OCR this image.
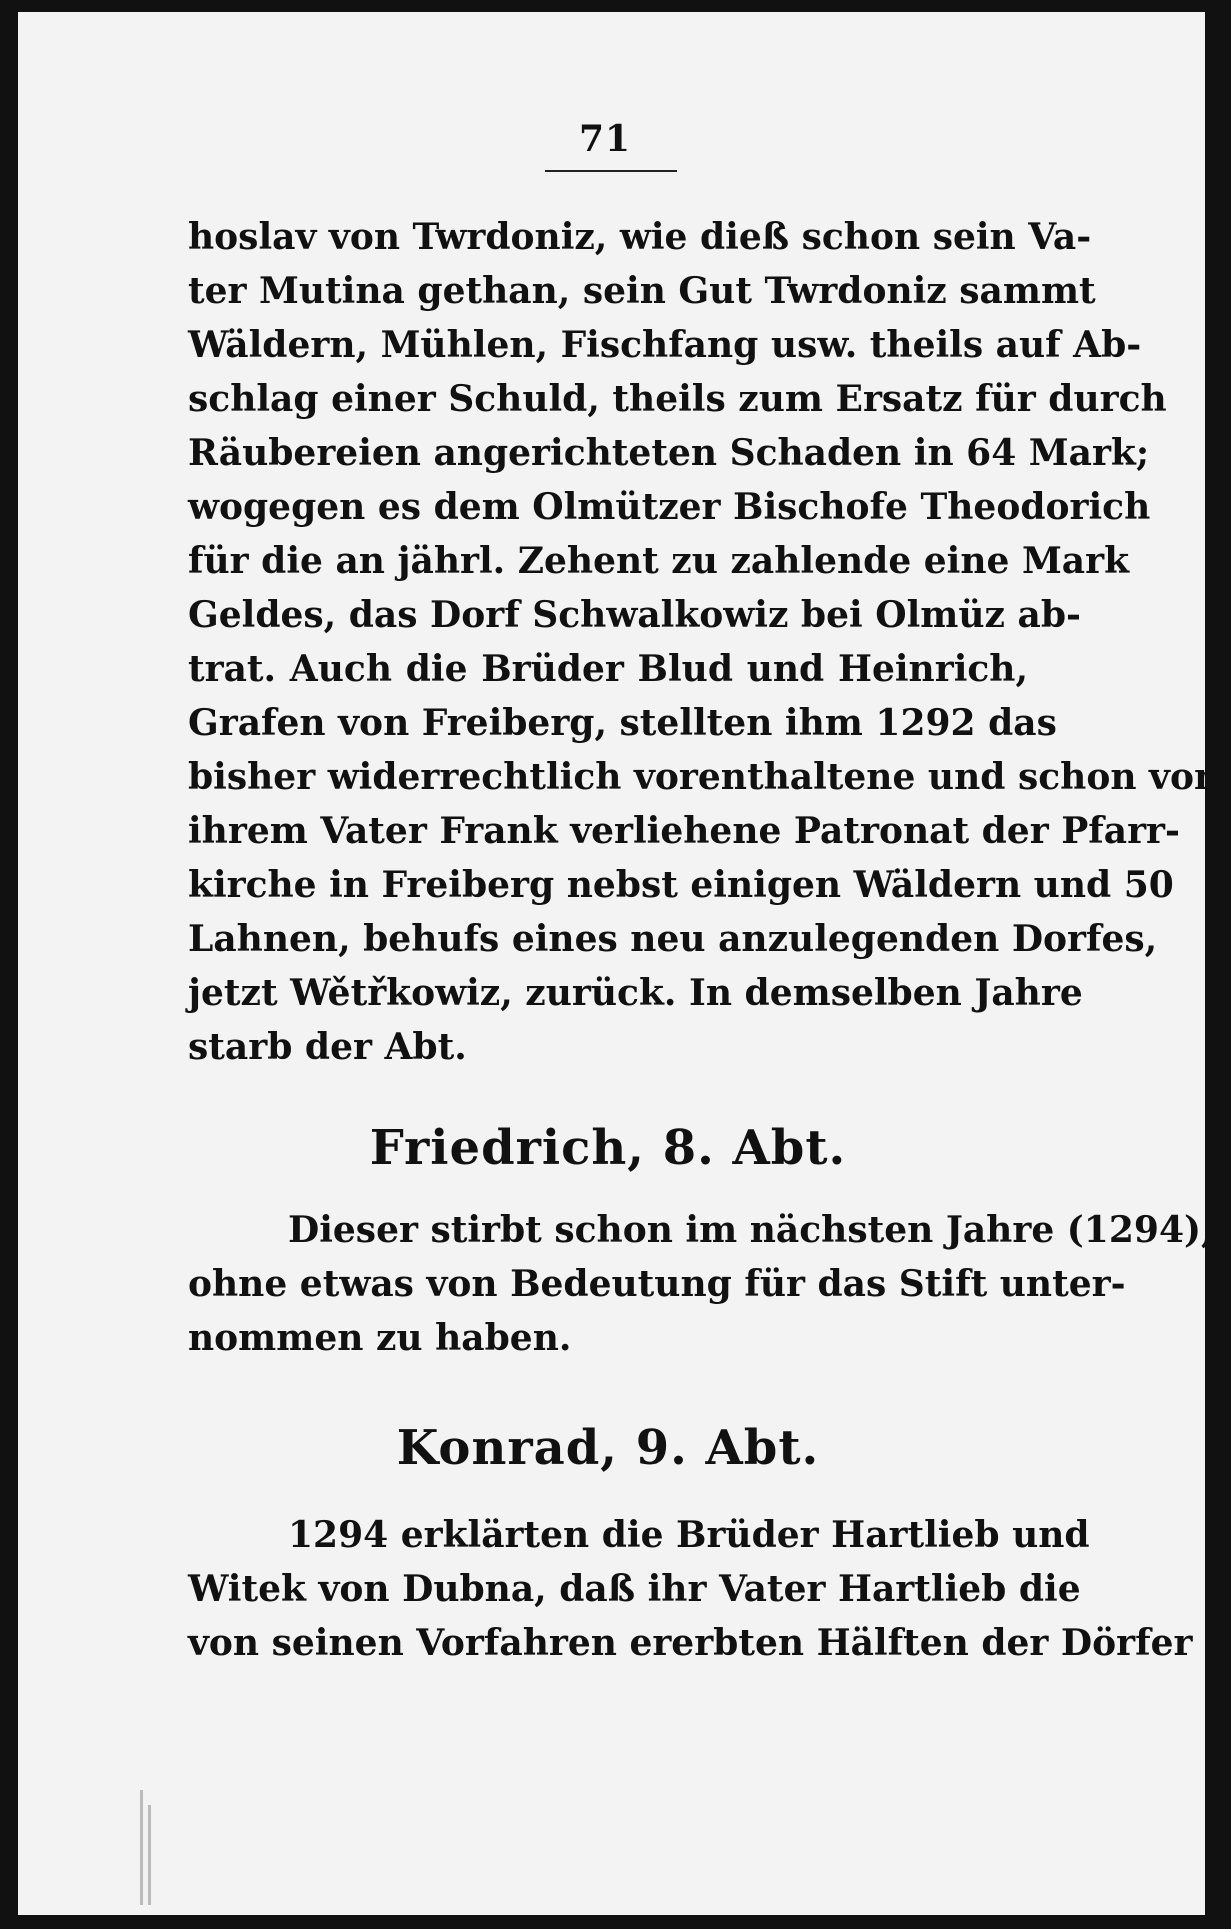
71
hoslav von Twrdoniz, wie dieß schon sein Va-
ter Mutina gethan, sein Gut Twrdoniz sammt
Wäldern, Mühlen, Fischfang usw. theils auf Ab-
schlag einer Schuld, theils zum Ersatz für durch
Räubereien angerichteten Schaden in 64 Mark;
wogegen es dem Olmützer Bischofe Theodorich
für die an jährl. Zehent zu zahlende eine Mark
Geldes, das Dorf Schwalkowiz bei Olmüz ab-
trat. Auch die Brüder Blud und Heinrich,
Grafen von Freiberg, stellten ihm 1292 das
bisher widerrechtlich vorenthaltene und schon von
ihrem Vater Frank verliehene Patronat der Pfarr-
kirche in Freiberg nebst einigen Wäldern und 50
Lahnen, behufs eines neu anzulegenden Dorfes,
jetzt Wětřkowiz, zurück. In demselben Jahre
starb der Abt.
Friedrich, 8. Abt.
Dieser stirbt schon im nächsten Jahre (1294),
ohne etwas von Bedeutung für das Stift unter-
nommen zu haben.
Konrad, 9. Abt.
1294 erklärten die Brüder Hartlieb und
Witek von Dubna, daß ihr Vater Hartlieb die
von seinen Vorfahren ererbten Hälften der Dörfer
